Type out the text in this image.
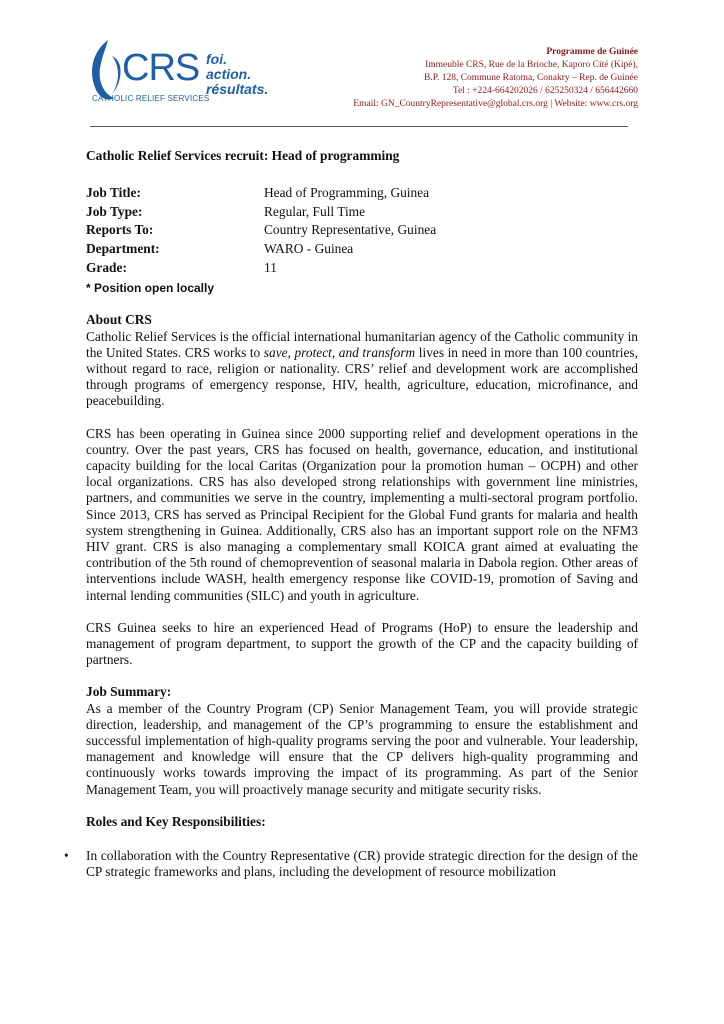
CRS foi.
action.
résultats.
CATHOLIC RELIEF SERVICES
Programme de Guinée
Immeuble CRS, Rue de la Brioche, Kaporo Cité (Kipé),
B.P. 128, Commune Ratoma, Conakry – Rep. de Guinée
Tel : +224-664202026 / 625250324 / 656442660
Email: GN_CountryRepresentative@global.crs.org | Website: www.crs.org
Catholic Relief Services recruit: Head of programming
Job Title:	Head of Programming, Guinea
Job Type:	Regular, Full Time
Reports To:	Country Representative, Guinea
Department:	WARO - Guinea
Grade:	11
* Position open locally
About CRS

Catholic Relief Services is the official international humanitarian agency of the Catholic community in the United States. CRS works to save, protect, and transform lives in need in more than 100 countries, without regard to race, religion or nationality. CRS’ relief and development work are accomplished through programs of emergency response, HIV, health, agriculture, education, microfinance, and peacebuilding.

CRS has been operating in Guinea since 2000 supporting relief and development operations in the country. Over the past years, CRS has focused on health, governance, education, and institutional capacity building for the local Caritas (Organization pour la promotion human – OCPH) and other local organizations. CRS has also developed strong relationships with government line ministries, partners, and communities we serve in the country, implementing a multi-sectoral program portfolio. Since 2013, CRS has served as Principal Recipient for the Global Fund grants for malaria and health system strengthening in Guinea. Additionally, CRS also has an important support role on the NFM3 HIV grant. CRS is also managing a complementary small KOICA grant aimed at evaluating the contribution of the 5th round of chemoprevention of seasonal malaria in Dabola region. Other areas of interventions include WASH, health emergency response like COVID-19, promotion of Saving and internal lending communities (SILC) and youth in agriculture.

CRS Guinea seeks to hire an experienced Head of Programs (HoP) to ensure the leadership and management of program department, to support the growth of the CP and the capacity building of partners.

Job Summary:

As a member of the Country Program (CP) Senior Management Team, you will provide strategic direction, leadership, and management of the CP’s programming to ensure the establishment and successful implementation of high-quality programs serving the poor and vulnerable. Your leadership, management and knowledge will ensure that the CP delivers high-quality programming and continuously works towards improving the impact of its programming. As part of the Senior Management Team, you will proactively manage security and mitigate security risks.

Roles and Key Responsibilities:
• In collaboration with the Country Representative (CR) provide strategic direction for the design of the CP strategic frameworks and plans, including the development of resource mobilization
